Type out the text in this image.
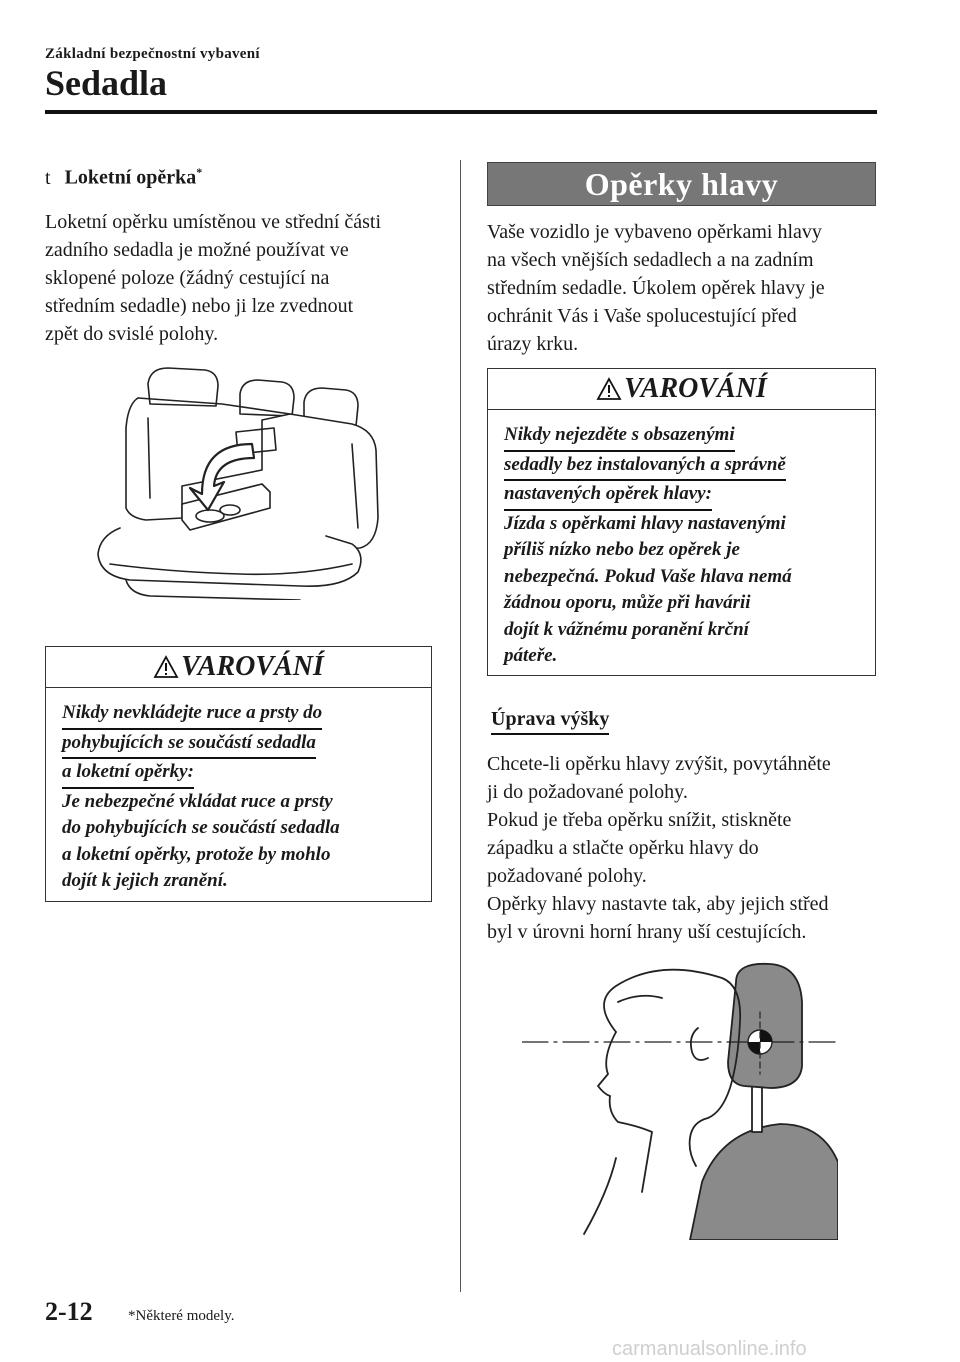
Základní bezpečnostní vybavení
Sedadla
t Loketní opěrka*
Loketní opěrku umístěnou ve střední části
zadního sedadla je možné používat ve
sklopené poloze (žádný cestující na
středním sedadle) nebo ji lze zvednout
zpět do svislé polohy.
VAROVÁNÍ
Nikdy nevkládejte ruce a prsty do
pohybujících se součástí sedadla
a loketní opěrky:
Je nebezpečné vkládat ruce a prsty
do pohybujících se součástí sedadla
a loketní opěrky, protože by mohlo
dojít k jejich zranění.
Opěrky hlavy
Vaše vozidlo je vybaveno opěrkami hlavy
na všech vnějších sedadlech a na zadním
středním sedadle. Úkolem opěrek hlavy je
ochránit Vás i Vaše spolucestující před
úrazy krku.
VAROVÁNÍ
Nikdy nejezděte s obsazenými
sedadly bez instalovaných a správně
nastavených opěrek hlavy:
Jízda s opěrkami hlavy nastavenými
příliš nízko nebo bez opěrek je
nebezpečná. Pokud Vaše hlava nemá
žádnou oporu, může při havárii
dojít k vážnému poranění krční
páteře.
Úprava výšky
Chcete-li opěrku hlavy zvýšit, povytáhněte
ji do požadované polohy.
Pokud je třeba opěrku snížit, stiskněte
západku a stlačte opěrku hlavy do
požadované polohy.
Opěrky hlavy nastavte tak, aby jejich střed
byl v úrovni horní hrany uší cestujících.
2-12 *Některé modely.
carmanualsonline.info
